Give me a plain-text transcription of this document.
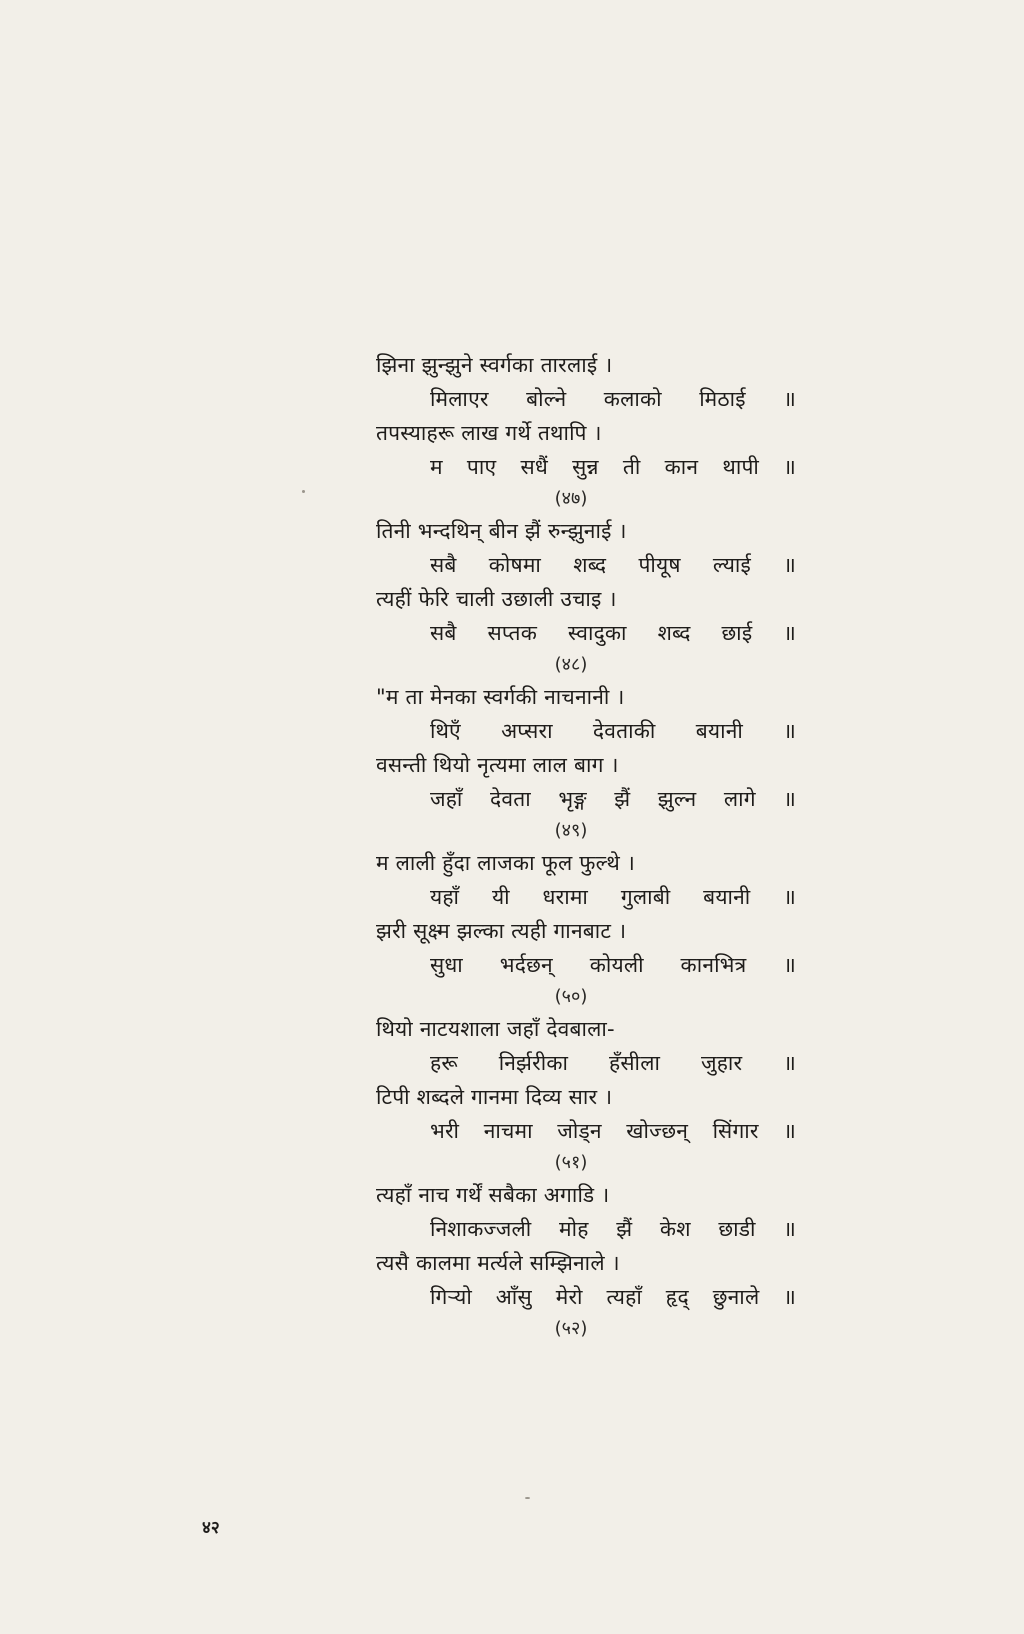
झिना झुन्झुने स्वर्गका तारलाई ।
मिलाएर बोल्ने कलाको मिठाई ॥
तपस्याहरू लाख गर्थे तथापि ।
म पाए सधैं सुन्न ती कान थापी ॥
(४७)
तिनी भन्दथिन् बीन झैं रुन्झुनाई ।
सबै कोषमा शब्द पीयूष ल्याई ॥
त्यहीं फेरि चाली उछाली उचाइ ।
सबै सप्तक स्वादुका शब्द छाई ॥
(४८)
"म ता मेनका स्वर्गकी नाचनानी ।
थिएँ अप्सरा देवताकी बयानी ॥
वसन्ती थियो नृत्यमा लाल बाग ।
जहाँ देवता भृङ्ग झैं झुल्न लागे ॥
(४९)
म लाली हुँदा लाजका फूल फुल्थे ।
यहाँ यी धरामा गुलाबी बयानी ॥
झरी सूक्ष्म झल्का त्यही गानबाट ।
सुधा भर्दछन् कोयली कानभित्र ॥
(५०)
थियो नाटयशाला जहाँ देवबाला-
हरू निर्झरीका हँसीला जुहार ॥
टिपी शब्दले गानमा दिव्य सार ।
भरी नाचमा जोड्न खोज्छन् सिंगार ॥
(५१)
त्यहाँ नाच गर्थें सबैका अगाडि ।
निशाकज्जली मोह झैं केश छाडी ॥
त्यसै कालमा मर्त्यले सम्झिनाले ।
गिर्‍यो आँसु मेरो त्यहाँ हृद् छुनाले ॥
(५२)
४२
